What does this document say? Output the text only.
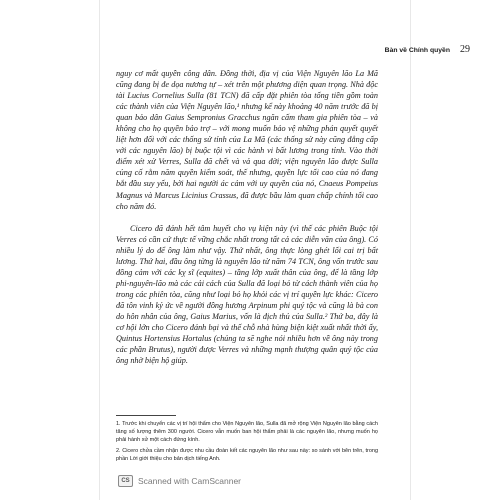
Bàn về Chính quyền 29

nguy cơ mất quyền công dân. Đồng thời, địa vị của Viện Nguyên lão La Mã cũng đang bị đe dọa nương tự – xét trên một phương diện quan trọng. Nhà độc tài Lucius Cornelius Sulla (81 TCN) đã cấp đặt phiên tòa tống tiền gồm toàn các thành viên của Viện Nguyên lão,¹ nhưng kể này khoảng 40 năm trước đã bị quan bảo dân Gaius Sempronius Gracchus ngăn cấm tham gia phiên tòa – và không cho họ quyền bảo trợ – với mong muốn bảo vệ những phán quyết quyết liệt hơn đối với các thống sử tỉnh của La Mã (các thống sử này cũng đẳng cấp với các nguyên lão) bị buộc tội vì các hành vi bất lương trong tỉnh. Vào thời điểm xét xử Verres, Sulla đã chết và vả qua đời; viện nguyên lão được Sulla củng cố rằm năm quyền kiểm soát, thế nhưng, quyền lực tối cao của nó đang bắt đầu suy yếu, bởi hai người ác cảm với uy quyền của nó, Cnaeus Pompeius Magnus và Marcus Licinius Crassus, đã được bầu làm quan chấp chính tối cao cho năm đó.

Cicero đã đánh hết tâm huyết cho vụ kiện này (vì thế các phiên Buộc tội Verres có cần cứ thực tế vững chắc nhất trong tất cả các diễn văn của ông). Có nhiều lý do để ông làm như vậy. Thứ nhất, ông thực lòng ghét lối cai trị bất lương. Thứ hai, đầu ông từng là nguyên lão từ năm 74 TCN, ông vốn trước sau đồng cảm với các kỵ sĩ (equites) – tầng lớp xuất thân của ông, để là tầng lớp phi-nguyên-lão mà các cải cách của Sulla đã loại bỏ từ cách thành viên của họ trong các phiên tòa, cũng như loại bỏ họ khỏi các vị trí quyền lực khác: Cicero đã tôn vinh kỷ ức về người đồng hương Arpinum phi quý tộc và cũng là bà con do hôn nhân của ông, Gaius Marius, vốn là địch thủ của Sulla.² Thứ ba, đây là cơ hội lớn cho Cicero đánh bại và thế chỗ nhà hùng biện kiệt xuất nhất thời ấy, Quintus Hortensius Hortalus (chúng ta sẽ nghe nói nhiều hơn về ông này trong các phần Brutus), người được Verres và những mạnh thượng quân quý tộc của ông nhờ biện hộ giúp.

1. Trước khi chuyển các vị trí hội thẩm cho Viện Nguyên lão, Sulla đã mở rộng Viện Nguyên lão bằng cách tăng số lượng thêm 300 người. Cicero vẫn muốn ban hội thẩm phải là các nguyên lão, nhưng muốn họ phải hành xử một cách đứng kính.

2. Cicero chửa cầm nhận được nhu cầu đoàn kết các nguyên lão như sau này: so sánh với bên trên, trong phần Lời giới thiệu cho bản dịch tiếng Anh.

CS Scanned with CamScanner
